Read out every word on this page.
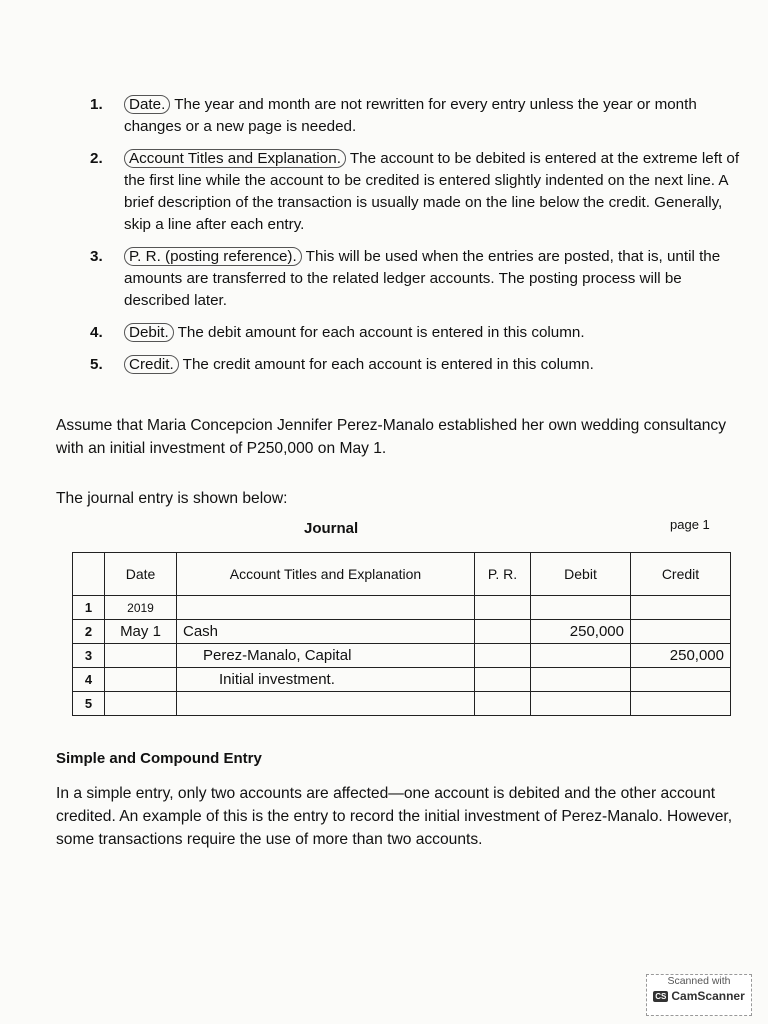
1. Date. The year and month are not rewritten for every entry unless the year or month changes or a new page is needed.
2. Account Titles and Explanation. The account to be debited is entered at the extreme left of the first line while the account to be credited is entered slightly indented on the next line. A brief description of the transaction is usually made on the line below the credit. Generally, skip a line after each entry.
3. P. R. (posting reference). This will be used when the entries are posted, that is, until the amounts are transferred to the related ledger accounts. The posting process will be described later.
4. Debit. The debit amount for each account is entered in this column.
5. Credit. The credit amount for each account is entered in this column.

Assume that Maria Concepcion Jennifer Perez-Manalo established her own wedding consultancy with an initial investment of P250,000 on May 1.

The journal entry is shown below:

Journal	page 1
	Date	Account Titles and Explanation	P. R.	Debit	Credit
1	2019				
2	May 1	Cash		250,000	
3		Perez-Manalo, Capital			250,000
4		Initial investment.			
5					
Simple and Compound Entry

In a simple entry, only two accounts are affected—one account is debited and the other account credited. An example of this is the entry to record the initial investment of Perez-Manalo. However, some transactions require the use of more than two accounts.

Scanned with
CS CamScanner
